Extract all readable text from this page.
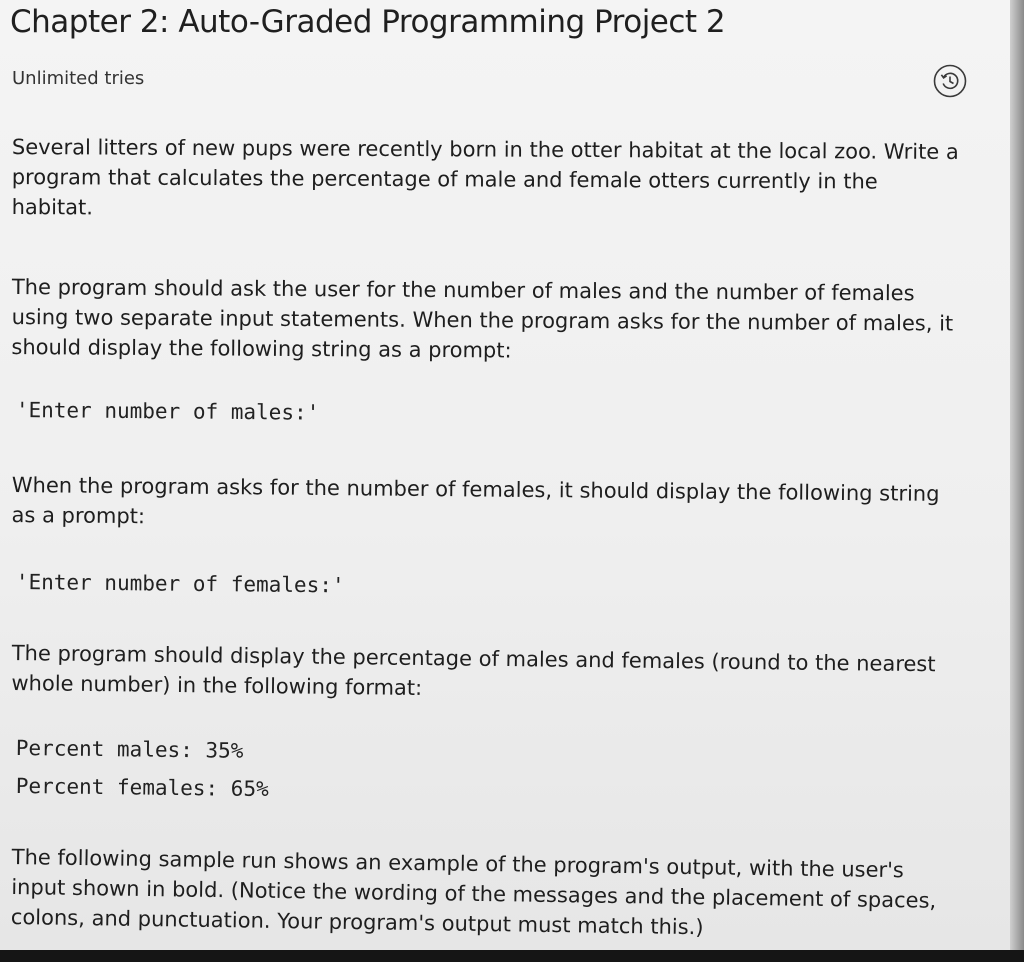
Chapter 2: Auto-Graded Programming Project 2
Unlimited tries

Several litters of new pups were recently born in the otter habitat at the local zoo. Write a program that calculates the percentage of male and female otters currently in the habitat.

The program should ask the user for the number of males and the number of females using two separate input statements. When the program asks for the number of males, it should display the following string as a prompt:

'Enter number of males:'

When the program asks for the number of females, it should display the following string as a prompt:

'Enter number of females:'

The program should display the percentage of males and females (round to the nearest whole number) in the following format:

Percent males: 35%
Percent females: 65%

The following sample run shows an example of the program's output, with the user's input shown in bold. (Notice the wording of the messages and the placement of spaces, colons, and punctuation. Your program's output must match this.)
